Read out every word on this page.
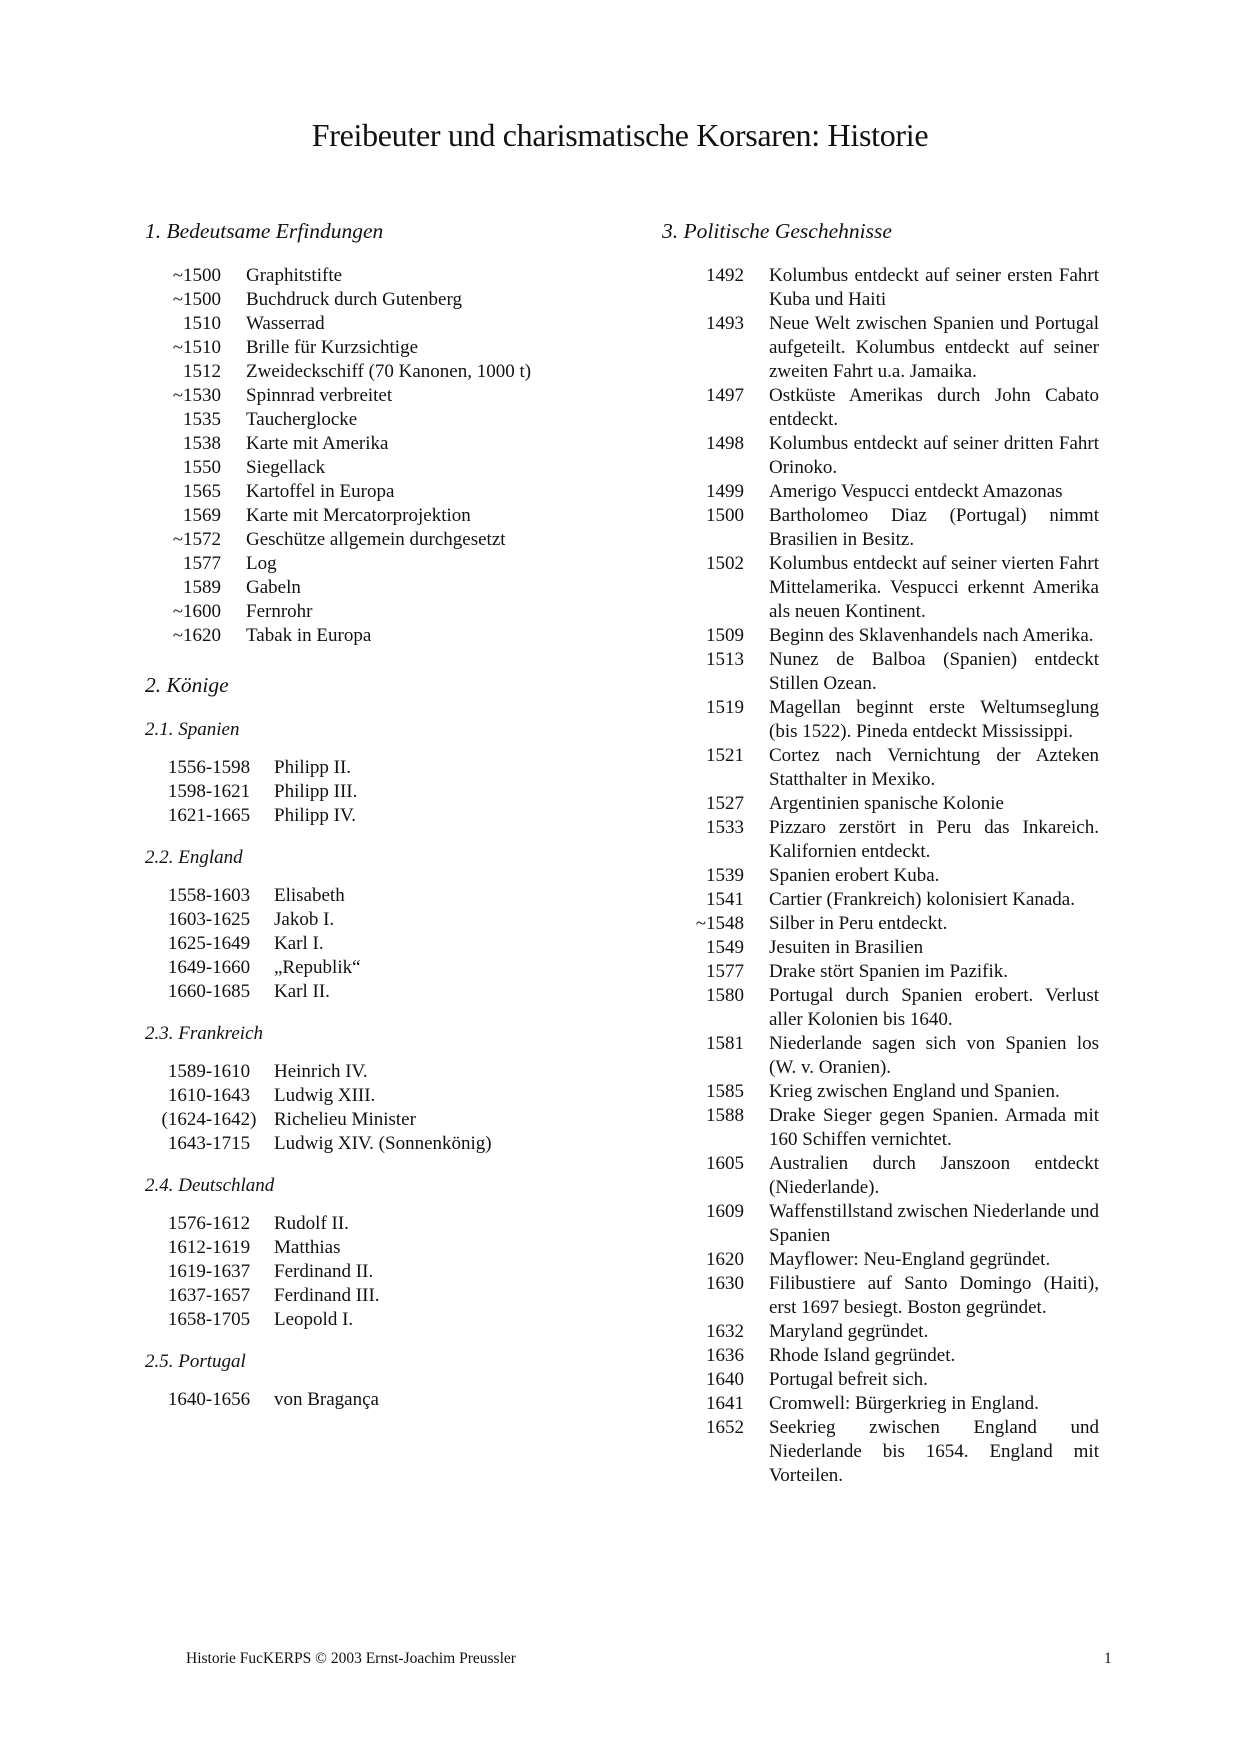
Freibeuter und charismatische Korsaren: Historie
1. Bedeutsame Erfindungen
~1500 Graphitstifte
~1500 Buchdruck durch Gutenberg
1510 Wasserrad
~1510 Brille für Kurzsichtige
1512 Zweideckschiff (70 Kanonen, 1000 t)
~1530 Spinnrad verbreitet
1535 Taucherglocke
1538 Karte mit Amerika
1550 Siegellack
1565 Kartoffel in Europa
1569 Karte mit Mercatorprojektion
~1572 Geschütze allgemein durchgesetzt
1577 Log
1589 Gabeln
~1600 Fernrohr
~1620 Tabak in Europa
2. Könige
2.1. Spanien
1556-1598	Philipp II.
1598-1621	Philipp III.
1621-1665	Philipp IV.
2.2. England
1558-1603	Elisabeth
1603-1625	Jakob I.
1625-1649	Karl I.
1649-1660	„Republik“
1660-1685	Karl II.
2.3. Frankreich
1589-1610	Heinrich IV.
1610-1643	Ludwig XIII.
(1624-1642) Richelieu Minister
1643-1715	Ludwig XIV. (Sonnenkönig)
2.4. Deutschland
1576-1612	Rudolf II.
1612-1619	Matthias
1619-1637	Ferdinand II.
1637-1657	Ferdinand III.
1658-1705	Leopold I.
2.5. Portugal
1640-1656	von Bragança
3. Politische Geschehnisse
1492 Kolumbus entdeckt auf seiner ersten Fahrt Kuba und Haiti
1493 Neue Welt zwischen Spanien und Portugal aufgeteilt. Kolumbus entdeckt auf seiner zweiten Fahrt u.a. Jamaika.
1497 Ostküste Amerikas durch John Cabato entdeckt.
1498 Kolumbus entdeckt auf seiner dritten Fahrt Orinoko.
1499 Amerigo Vespucci entdeckt Amazonas
1500 Bartholomeo Diaz (Portugal) nimmt Brasilien in Besitz.
1502 Kolumbus entdeckt auf seiner vierten Fahrt Mittelamerika. Vespucci erkennt Amerika als neuen Kontinent.
1509 Beginn des Sklavenhandels nach Amerika.
1513 Nunez de Balboa (Spanien) entdeckt Stillen Ozean.
1519 Magellan beginnt erste Weltumseglung (bis 1522). Pineda entdeckt Mississippi.
1521 Cortez nach Vernichtung der Azteken Statthalter in Mexiko.
1527 Argentinien spanische Kolonie
1533 Pizzaro zerstört in Peru das Inkareich. Kalifornien entdeckt.
1539 Spanien erobert Kuba.
1541 Cartier (Frankreich) kolonisiert Kanada.
~1548 Silber in Peru entdeckt.
1549 Jesuiten in Brasilien
1577 Drake stört Spanien im Pazifik.
1580 Portugal durch Spanien erobert. Verlust aller Kolonien bis 1640.
1581 Niederlande sagen sich von Spanien los (W. v. Oranien).
1585 Krieg zwischen England und Spanien.
1588 Drake Sieger gegen Spanien. Armada mit 160 Schiffen vernichtet.
1605 Australien durch Janszoon entdeckt (Niederlande).
1609 Waffenstillstand zwischen Niederlande und Spanien
1620 Mayflower: Neu-England gegründet.
1630 Filibustiere auf Santo Domingo (Haiti), erst 1697 besiegt. Boston gegründet.
1632 Maryland gegründet.
1636 Rhode Island gegründet.
1640 Portugal befreit sich.
1641 Cromwell: Bürgerkrieg in England.
1652 Seekrieg zwischen England und Niederlande bis 1654. England mit Vorteilen.
Historie FucKERPS © 2003 Ernst-Joachim Preussler	1
